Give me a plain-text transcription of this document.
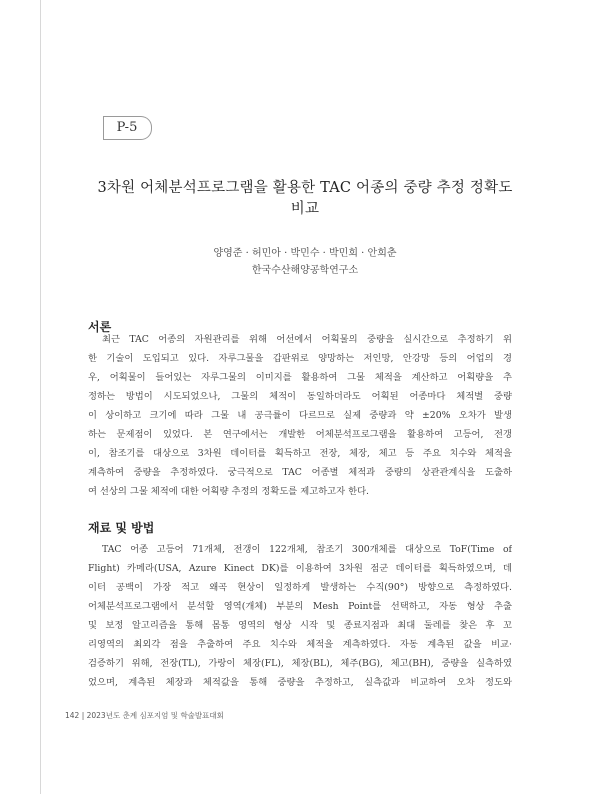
P-5
3차원 어체분석프로그램을 활용한 TAC 어종의 중량 추정 정확도
비교
양영준 · 허민아 · 박민수 · 박민희 · 안희춘
한국수산해양공학연구소
서론
최근 TAC 어종의 자원관리를 위해 어선에서 어획물의 중량을 실시간으로 추정하기 위
한 기술이 도입되고 있다. 자루그물을 갑판위로 양망하는 저인망, 안강망 등의 어업의 경
우, 어획물이 들어있는 자루그물의 이미지를 활용하여 그물 체적을 계산하고 어획량을 추
정하는 방법이 시도되었으나, 그물의 체적이 동일하더라도 어획된 어종마다 체적별 중량
이 상이하고 크기에 따라 그물 내 공극률이 다르므로 실제 중량과 약 ±20% 오차가 발생
하는 문제점이 있었다. 본 연구에서는 개발한 어체분석프로그램을 활용하여 고등어, 전갱
이, 참조기를 대상으로 3차원 데이터를 획득하고 전장, 체장, 체고 등 주요 치수와 체적을
계측하여 중량을 추정하였다. 궁극적으로 TAC 어종별 체적과 중량의 상관관계식을 도출하
여 선상의 그물 체적에 대한 어획량 추정의 정확도를 제고하고자 한다.
재료 및 방법
TAC 어종 고등어 71개체, 전갱이 122개체, 참조기 300개체를 대상으로 ToF(Time of
Flight) 카메라(USA, Azure Kinect DK)를 이용하여 3차원 점군 데이터를 획득하였으며, 데
이터 공백이 가장 적고 왜곡 현상이 일정하게 발생하는 수직(90°) 방향으로 측정하였다.
어체분석프로그램에서 분석할 영역(개체) 부분의 Mesh Point를 선택하고, 자동 형상 추출
및 보정 알고리즘을 통해 몸통 영역의 형상 시작 및 종료지점과 최대 둘레를 찾은 후 꼬
리영역의 최외각 점을 추출하여 주요 치수와 체적을 계측하였다. 자동 계측된 값을 비교·
검증하기 위해, 전장(TL), 가랑이 체장(FL), 체장(BL), 체주(BG), 체고(BH), 중량을 실측하였
었으며, 계측된 체장과 체적값을 통해 중량을 추정하고, 실측값과 비교하여 오차 정도와
142 | 2023년도 춘계 심포지엄 및 학술발표대회
